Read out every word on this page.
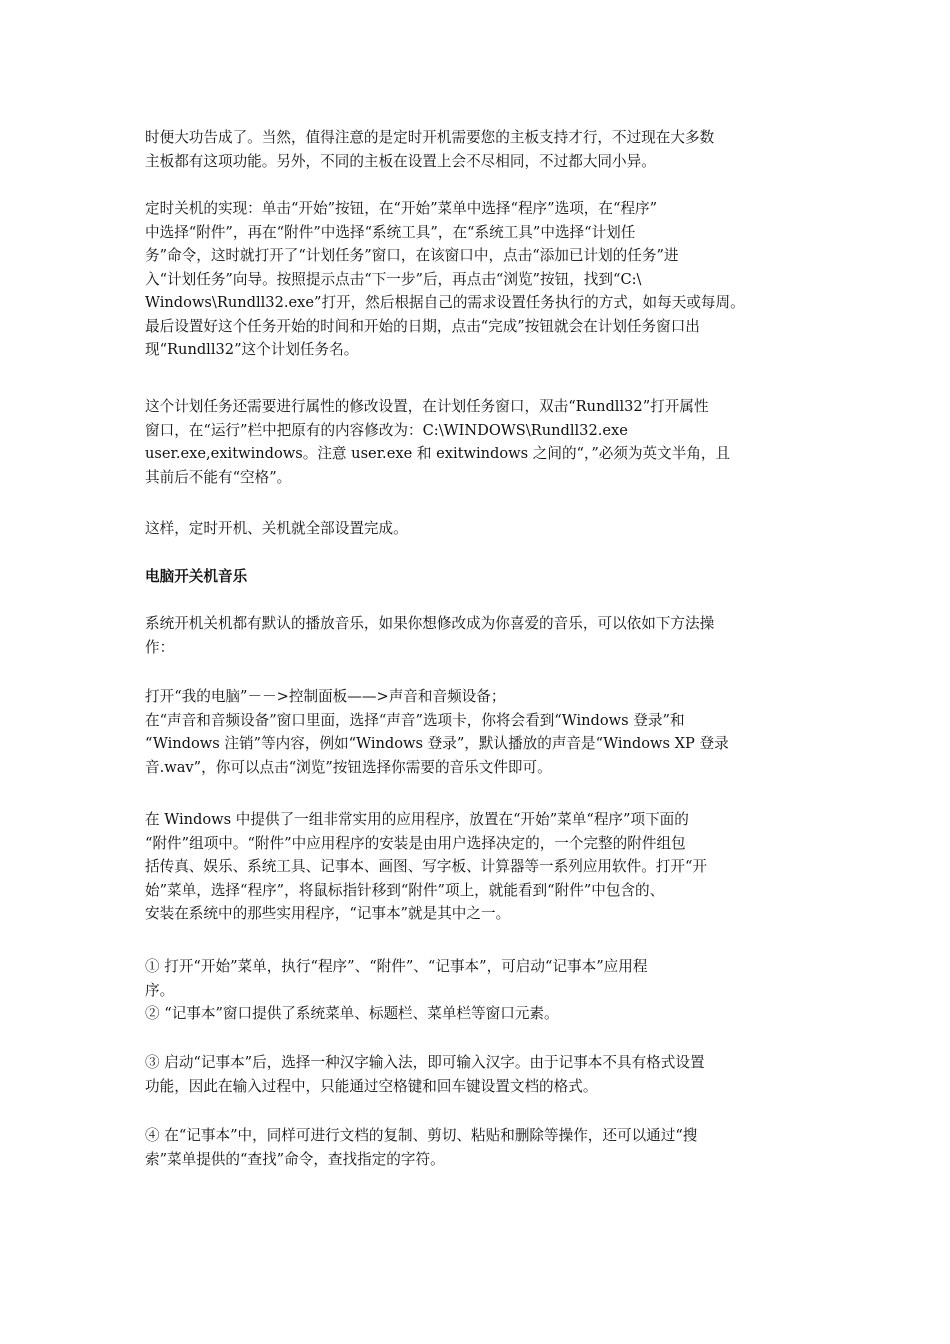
时便大功告成了。当然，值得注意的是定时开机需要您的主板支持才行，不过现在大多数
主板都有这项功能。另外，不同的主板在设置上会不尽相同，不过都大同小异。

定时关机的实现：单击“开始”按钮，在“开始”菜单中选择“程序”选项，在“程序”
中选择“附件”，再在“附件”中选择“系统工具”，在“系统工具”中选择“计划任
务”命令，这时就打开了“计划任务”窗口，在该窗口中，点击“添加已计划的任务”进
入“计划任务”向导。按照提示点击“下一步”后，再点击“浏览”按钮，找到“C:\
Windows\Rundll32.exe”打开，然后根据自己的需求设置任务执行的方式，如每天或每周。
最后设置好这个任务开始的时间和开始的日期，点击“完成”按钮就会在计划任务窗口出
现“Rundll32”这个计划任务名。

这个计划任务还需要进行属性的修改设置，在计划任务窗口，双击“Rundll32”打开属性
窗口，在“运行”栏中把原有的内容修改为：C:\WINDOWS\Rundll32.exe
user.exe,exitwindows。注意 user.exe 和 exitwindows 之间的“，”必须为英文半角，且
其前后不能有“空格”。

这样，定时开机、关机就全部设置完成。

电脑开关机音乐

系统开机关机都有默认的播放音乐，如果你想修改成为你喜爱的音乐，可以依如下方法操
作：

打开“我的电脑”－－>控制面板——>声音和音频设备；
在“声音和音频设备”窗口里面，选择“声音”选项卡，你将会看到“Windows 登录”和
“Windows 注销”等内容，例如“Windows 登录”，默认播放的声音是“Windows XP 登录
音.wav”，你可以点击“浏览”按钮选择你需要的音乐文件即可。

在 Windows 中提供了一组非常实用的应用程序，放置在“开始”菜单“程序”项下面的
“附件”组项中。“附件”中应用程序的安装是由用户选择决定的，一个完整的附件组包
括传真、娱乐、系统工具、记事本、画图、写字板、计算器等一系列应用软件。打开“开
始”菜单，选择“程序”，将鼠标指针移到“附件”项上，就能看到“附件”中包含的、
安装在系统中的那些实用程序，“记事本”就是其中之一。

① 打开“开始”菜单，执行“程序”、“附件”、“记事本”，可启动“记事本”应用程
序。
② “记事本”窗口提供了系统菜单、标题栏、菜单栏等窗口元素。

③ 启动“记事本”后，选择一种汉字输入法，即可输入汉字。由于记事本不具有格式设置
功能，因此在输入过程中，只能通过空格键和回车键设置文档的格式。

④ 在“记事本”中，同样可进行文档的复制、剪切、粘贴和删除等操作，还可以通过“搜
索”菜单提供的“查找”命令，查找指定的字符。
